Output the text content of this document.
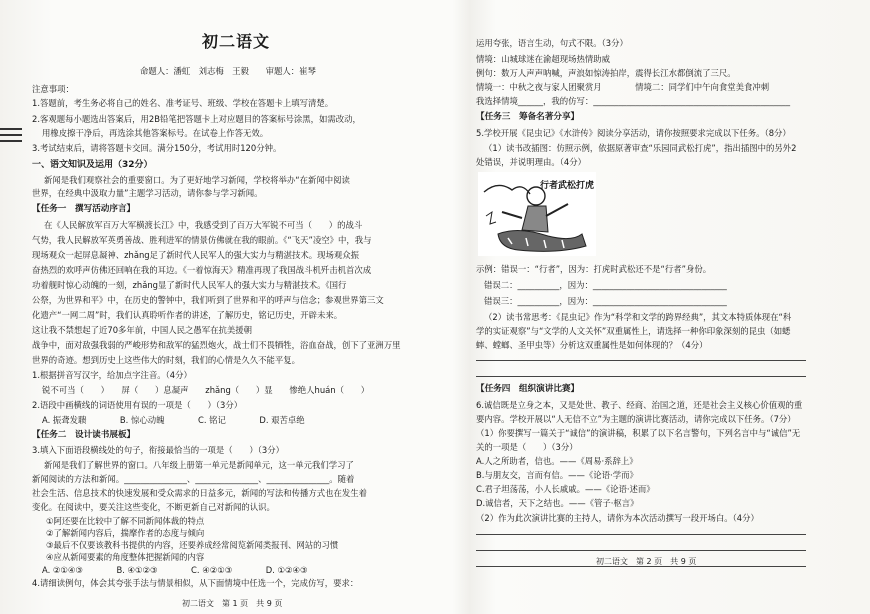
初二语文
命题人：潘虹　刘志梅　王毅　　审题人：崔琴
注意事项：
1.答题前，考生务必将自己的姓名、准考证号、班级、学校在答题卡上填写清楚。
2.客观题每小题选出答案后，用2B铅笔把答题卡上对应题目的答案标号涂黑，如需改动，
用橡皮擦干净后，再选涂其他答案标号。在试卷上作答无效。
3.考试结束后，请将答题卡交回。满分150分，考试用时120分钟。
一、语文知识及运用（32分）
新闻是我们观察社会的重要窗口。为了更好地学习新闻，学校将举办“在新闻中阅读
世界，在经典中汲取力量”主题学习活动，请你参与学习新闻。
【任务一　撰写活动序言】
在《人民解放军百万大军横渡长江》中，我感受到了百万大军锐不可当（　　）的战斗
气势，我人民解放军英勇善战、胜利进军的情景仿佛就在我的眼前。《“飞天”凌空》中，我与
现场观众一起屏息凝神、zhǎng足了新时代人民军人的强大实力与精湛技术。现场观众振
奋热烈的欢呼声仿佛还回响在我的耳边。《一着惊海天》精准再现了我国战斗机歼击机首次成
功着舰时惊心动魄的一刻，zhǎng显了新时代人民军人的强大实力与精湛技术。《国行
公祭，为世界和平》中，在历史的警钟中，我们听到了世界和平的呼声与信念；参观世界第三文
化遗产“一网二周”时，我们认真聆听作者的讲述，了解历史，铭记历史，开辟未来。
这让我不禁想起了近70多年前，中国人民之愚军在抗美援朝
战争中，面对敌强我弱的严峻形势和敌军的猛烈炮火，战士们不畏牺牲，浴血奋战，创下了亚洲万里
世界的奇迹。想到历史上这些伟大的时刻，我们的心情是久久不能平复。
1.根据拼音写汉字，给加点字注音。（4分）
锐不可当（　　）　　屏（　　）息凝声　　zhǎng（　　）显　　惨绝人huán（　　）
2.语段中画横线的词语使用有误的一项是（　　）（3分）
A. 振聋发聩　　　　B. 惊心动魄　　　　C. 铭记　　　　D. 艰苦卓绝
【任务二　设计读书展板】
3.填入下面语段横线处的句子，衔接最恰当的一项是（　　）（3分）
新闻是我们了解世界的窗口。八年级上册第一单元是新闻单元，这一单元我们学习了
新闻阅读的方法和新闻。_______________、_______________、_______________。随着
社会生活、信息技术的快速发展和受众需求的日益多元，新闻的写法和传播方式也在发生着
变化。在阅读中，要关注这些变化，不断更新自己对新闻的认识。
①阿还要在比较中了解不同新闻体裁的特点
②了解新闻内容后，揣摩作者的态度与倾向
③最后不仅要该教科书提供的内容，还要养成经常阅览新闻类报刊、网站的习惯
④应从新闻要素的角度整体把握新闻的内容
A. ②①④③　　　　B. ④①②③　　　　C. ④②①③　　　　D. ①②④③
4.请细读例句，体会其夸张手法与情景相似，从下面情境中任选一个，完成仿写，要求：
初二语文　第 1 页　共 9 页
运用夸张，语言生动，句式不限。（3分）
情境：山城球迷在渝超现场热情助威
例句：数万人声声呐喊，声浪如惊涛拍岸，震得长江水都倒流了三尺。
情境一：中秋之夜与家人团聚赏月　　　　情境二：同学们中午向食堂美食冲刺
我选择情境______，我的仿写：_______________________________________________
【任务三　筹备名著分享】
5.学校开展《昆虫记》《水浒传》阅读分享活动，请你按照要求完成以下任务。（8分）
（1）读书改插图：仿照示例，依据原著审查“乐园同武松打虎”，指出插图中的另外2
处错误，并说明理由。（4分）
示例：错误一：“行者”，因为：打虎时武松还不是“行者”身份。
错误二：__________，因为：________________________________
错误三：__________，因为：________________________________
（2）读书常思考：《昆虫记》作为“科学和文学的跨界经典”，其文本特质体现在“科
学的实证观察”与“文学的人文关怀”双重属性上，请选择一种你印象深刻的昆虫（如蟋
蟀、螳螂、圣甲虫等）分析这双重属性是如何体现的？（4分）
【任务四　组织演讲比赛】
6.诚信既是立身之本，又是处世、教子、经商、治国之道，还是社会主义核心价值观的重
要内容。学校开展以“人无信不立”为主题的演讲比赛活动，请你完成以下任务。（7分）
（1）你要撰写一篇关于“诚信”的演讲稿，积累了以下名言警句，下列名言中与“诚信”无
关的一项是（　　）（3分）
A.人之所助者，信也。——《周易·系辞上》
B.与朋友交，言而有信。——《论语·学而》
C.君子坦荡荡，小人长戚戚。——《论语·述而》
D.诚信者，天下之结也。——《管子·枢言》
（2）作为此次演讲比赛的主持人，请你为本次活动撰写一段开场白。（4分）
初二语文　第 2 页　共 9 页
行者武松打虎
